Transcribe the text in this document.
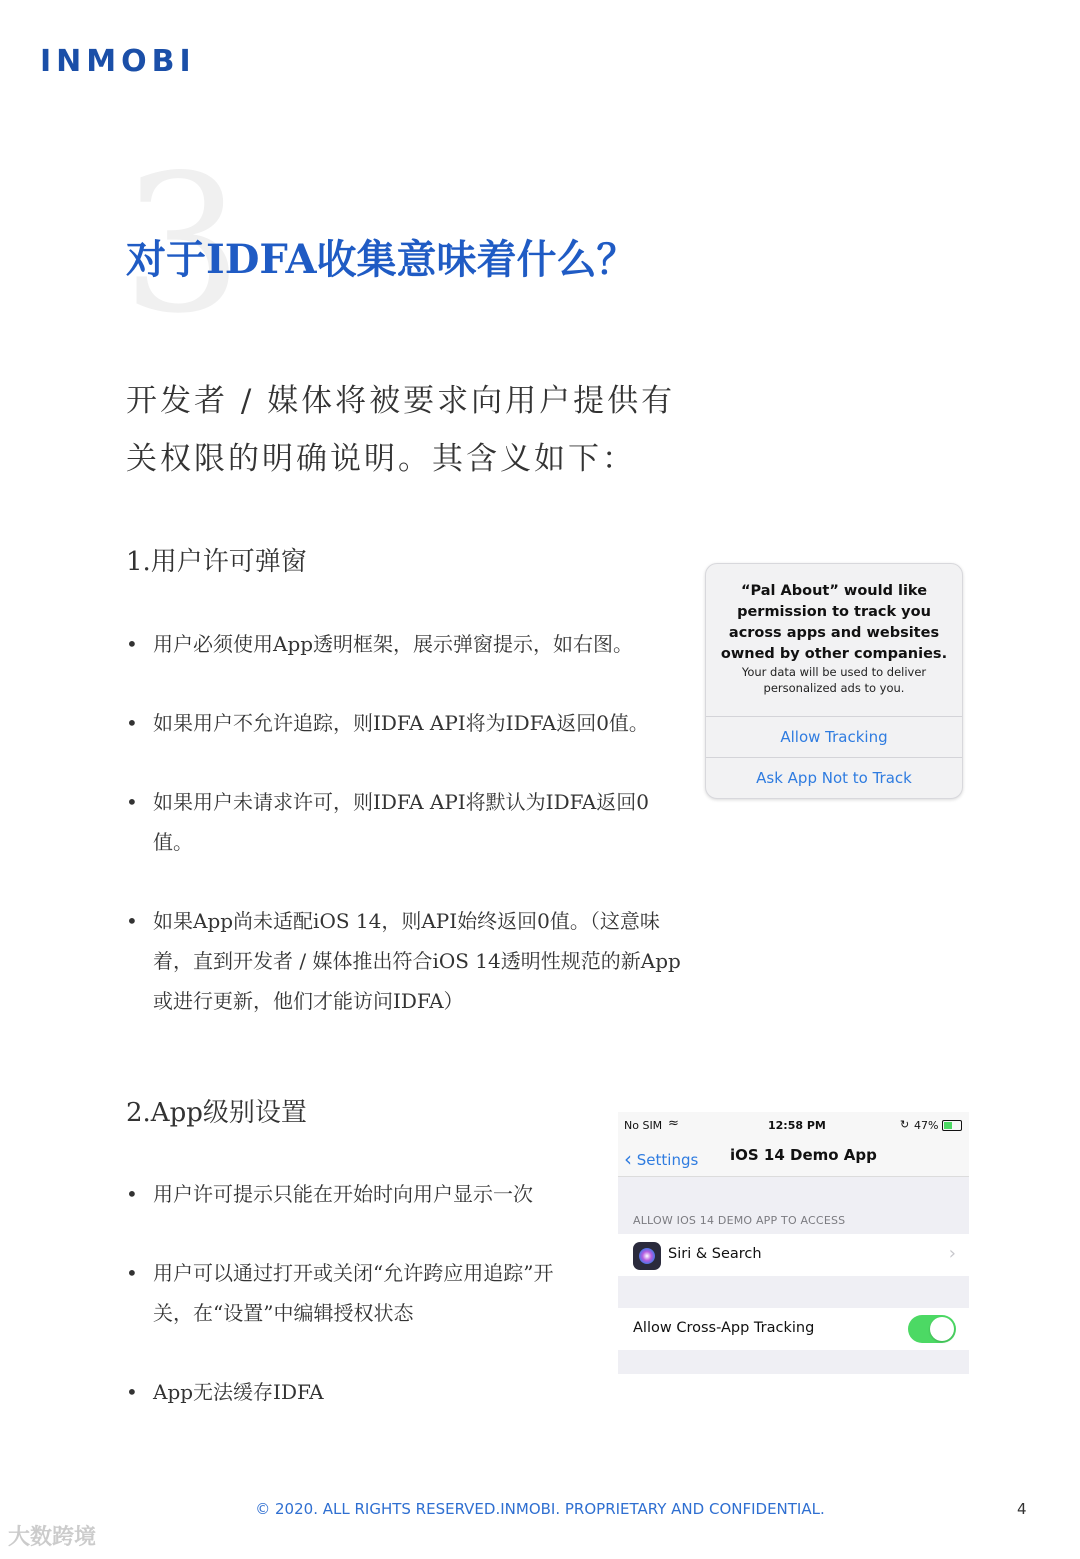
INMOBI
3
对于IDFA收集意味着什么？
开发者 / 媒体将被要求向用户提供有关权限的明确说明。其含义如下：
1.用户许可弹窗
• 用户必须使用App透明框架，展示弹窗提示，如右图。
• 如果用户不允许追踪，则IDFA API将为IDFA返回0值。
• 如果用户未请求许可，则IDFA API将默认为IDFA返回0值。
• 如果App尚未适配iOS 14，则API始终返回0值。（这意味着，直到开发者 / 媒体推出符合iOS 14透明性规范的新App或进行更新，他们才能访问IDFA）
“Pal About” would like permission to track you across apps and websites owned by other companies.
Your data will be used to deliver personalized ads to you.
Allow Tracking
Ask App Not to Track
2.App级别设置
• 用户许可提示只能在开始时向用户显示一次
• 用户可以通过打开或关闭“允许跨应用追踪”开关，在“设置”中编辑授权状态
• App无法缓存IDFA
No SIM ≈	12:58 PM	↻ 47%
‹ Settings iOS 14 Demo App
ALLOW IOS 14 DEMO APP TO ACCESS
Siri & Search	›
Allow Cross-App Tracking
© 2020. ALL RIGHTS RESERVED.INMOBI. PROPRIETARY AND CONFIDENTIAL.	4
大数跨境
